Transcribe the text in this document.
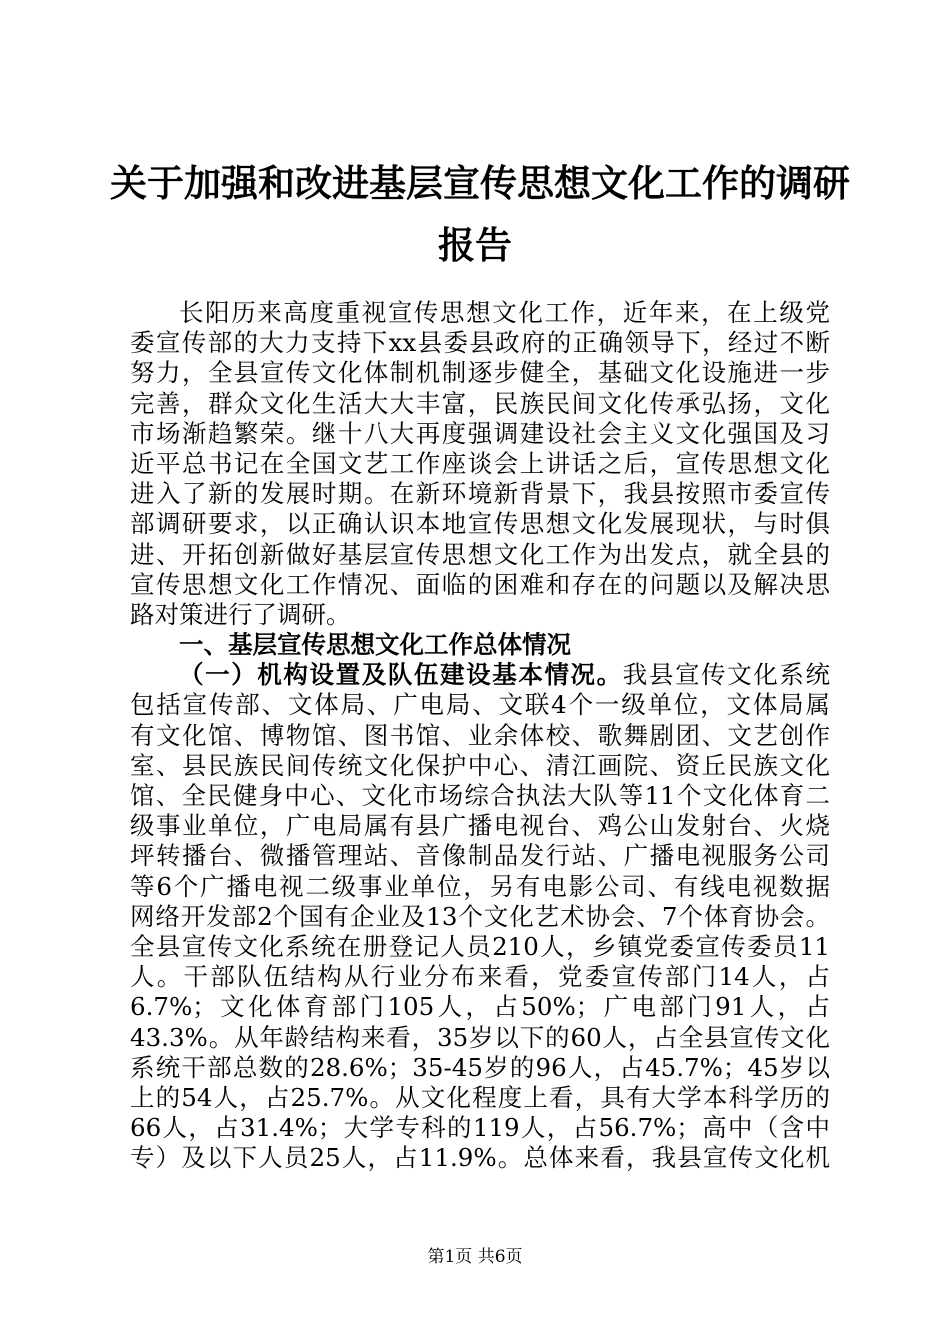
关于加强和改进基层宣传思想文化工作的调研
报告
长阳历来高度重视宣传思想文化工作，近年来，在上级党
委宣传部的大力支持下xx县委县政府的正确领导下，经过不断
努力，全县宣传文化体制机制逐步健全，基础文化设施进一步
完善，群众文化生活大大丰富，民族民间文化传承弘扬，文化
市场渐趋繁荣。继十八大再度强调建设社会主义文化强国及习
近平总书记在全国文艺工作座谈会上讲话之后，宣传思想文化
进入了新的发展时期。在新环境新背景下，我县按照市委宣传
部调研要求，以正确认识本地宣传思想文化发展现状，与时俱
进、开拓创新做好基层宣传思想文化工作为出发点，就全县的
宣传思想文化工作情况、面临的困难和存在的问题以及解决思
路对策进行了调研。
一、基层宣传思想文化工作总体情况
（一）机构设置及队伍建设基本情况。我县宣传文化系统
包括宣传部、文体局、广电局、文联4个一级单位，文体局属
有文化馆、博物馆、图书馆、业余体校、歌舞剧团、文艺创作
室、县民族民间传统文化保护中心、清江画院、资丘民族文化
馆、全民健身中心、文化市场综合执法大队等11个文化体育二
级事业单位，广电局属有县广播电视台、鸡公山发射台、火烧
坪转播台、微播管理站、音像制品发行站、广播电视服务公司
等6个广播电视二级事业单位，另有电影公司、有线电视数据
网络开发部2个国有企业及13个文化艺术协会、7个体育协会。
全县宣传文化系统在册登记人员210人，乡镇党委宣传委员11
人。干部队伍结构从行业分布来看，党委宣传部门14人，占
6.7%；文化体育部门105人，占50%；广电部门91人，占
43.3%。从年龄结构来看，35岁以下的60人，占全县宣传文化
系统干部总数的28.6%；35-45岁的96人，占45.7%；45岁以
上的54人，占25.7%。从文化程度上看，具有大学本科学历的
66人，占31.4%；大学专科的119人，占56.7%；高中（含中
专）及以下人员25人，占11.9%。总体来看，我县宣传文化机
第1页 共6页
